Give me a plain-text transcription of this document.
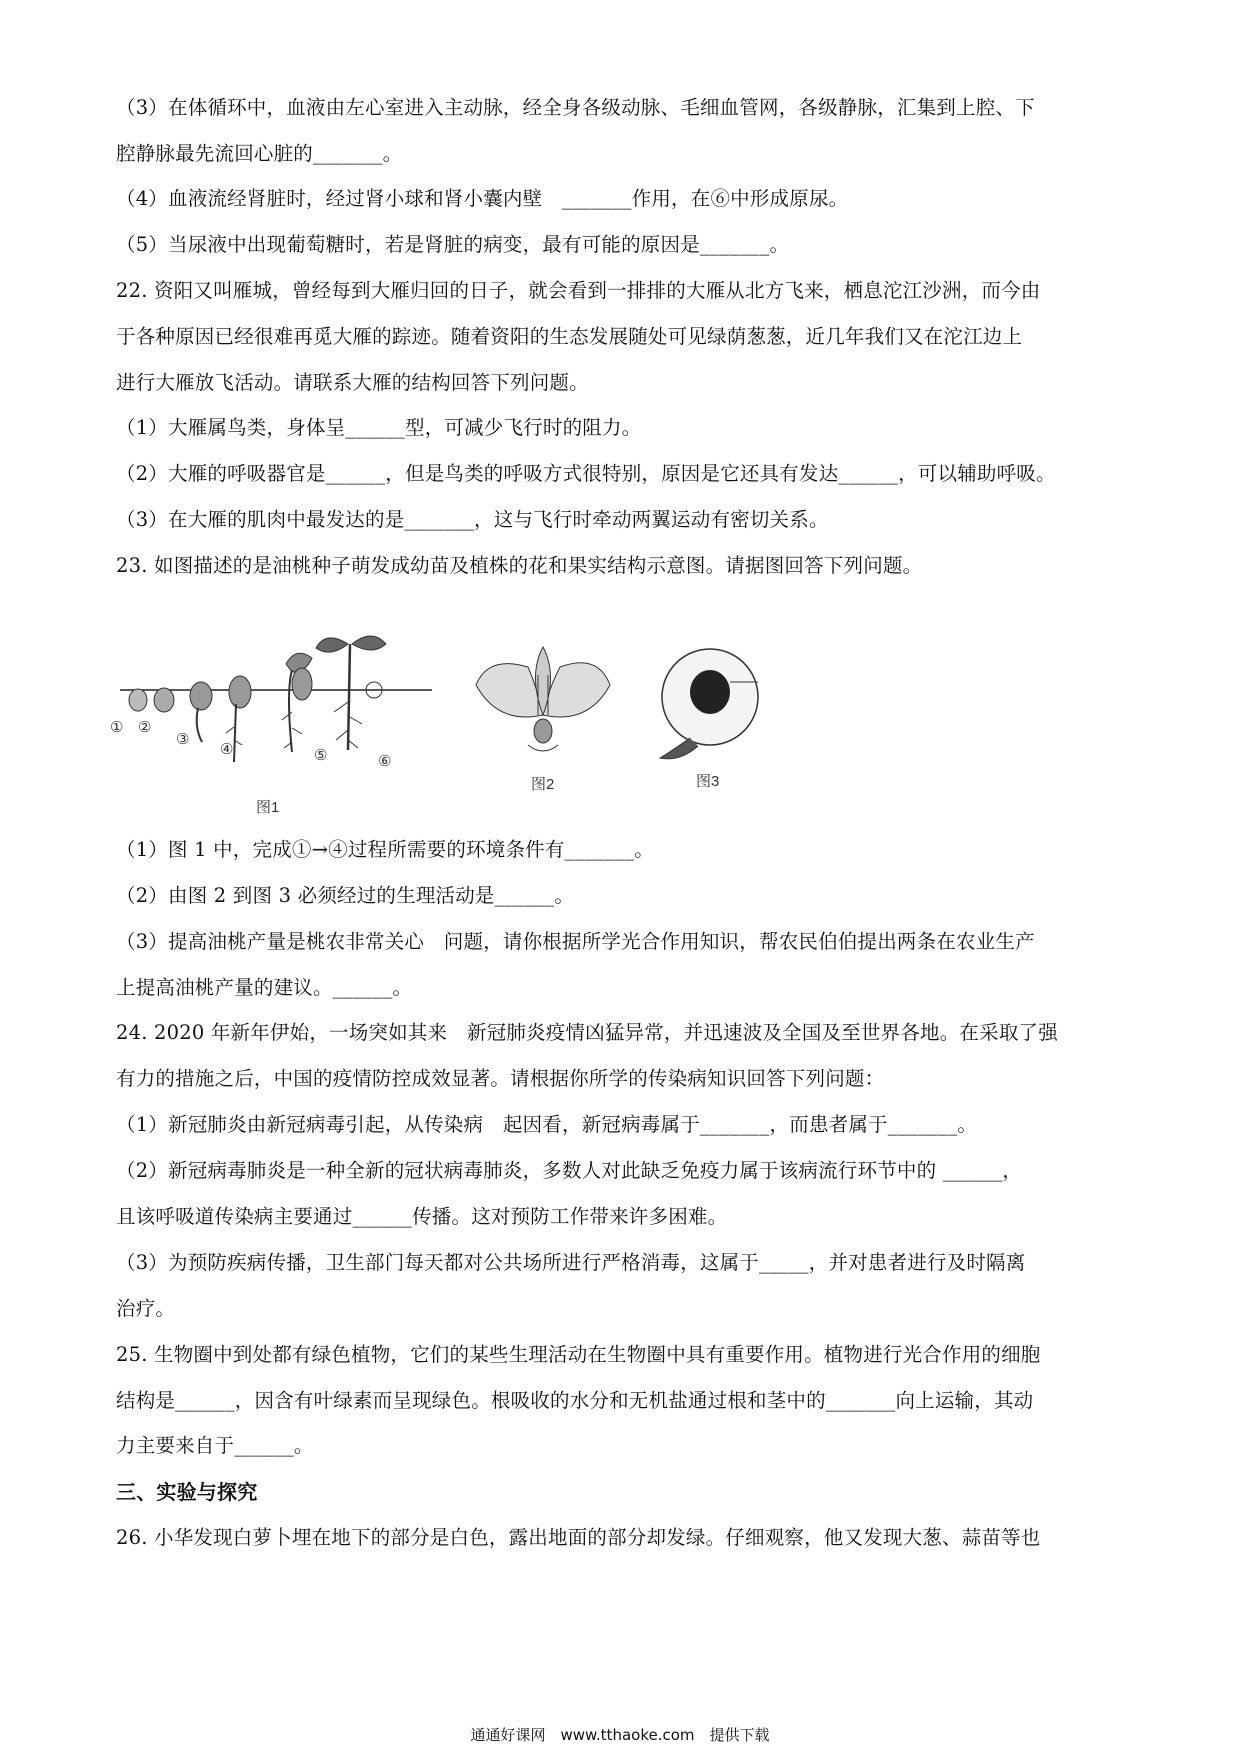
（3）在体循环中，血液由左心室进入主动脉，经全身各级动脉、毛细血管网，各级静脉，汇集到上腔、下
腔静脉最先流回心脏的_______。
（4）血液流经肾脏时，经过肾小球和肾小囊内壁　_______作用，在⑥中形成原尿。
（5）当尿液中出现葡萄糖时，若是肾脏的病变，最有可能的原因是_______。
22. 资阳又叫雁城，曾经每到大雁归回的日子，就会看到一排排的大雁从北方飞来，栖息沱江沙洲，而今由
于各种原因已经很难再觅大雁的踪迹。随着资阳的生态发展随处可见绿荫葱葱，近几年我们又在沱江边上
进行大雁放飞活动。请联系大雁的结构回答下列问题。
（1）大雁属鸟类，身体呈______型，可减少飞行时的阻力。
（2）大雁的呼吸器官是______，但是鸟类的呼吸方式很特别，原因是它还具有发达______，可以辅助呼吸。
（3）在大雁的肌肉中最发达的是_______，这与飞行时牵动两翼运动有密切关系。
23. 如图描述的是油桃种子萌发成幼苗及植株的花和果实结构示意图。请据图回答下列问题。
① ②
③
④	⑤	⑥
图1
图2	图3
（1）图 1 中，完成①→④过程所需要的环境条件有_______。
（2）由图 2 到图 3 必须经过的生理活动是______。
（3）提高油桃产量是桃农非常关心　问题，请你根据所学光合作用知识，帮农民伯伯提出两条在农业生产
上提高油桃产量的建议。______。
24. 2020 年新年伊始，一场突如其来　新冠肺炎疫情凶猛异常，并迅速波及全国及至世界各地。在采取了强
有力的措施之后，中国的疫情防控成效显著。请根据你所学的传染病知识回答下列问题：
（1）新冠肺炎由新冠病毒引起，从传染病　起因看，新冠病毒属于_______，而患者属于_______。
（2）新冠病毒肺炎是一种全新的冠状病毒肺炎，多数人对此缺乏免疫力属于该病流行环节中的 ______，
且该呼吸道传染病主要通过______传播。这对预防工作带来许多困难。
（3）为预防疾病传播，卫生部门每天都对公共场所进行严格消毒，这属于_____，并对患者进行及时隔离
治疗。
25. 生物圈中到处都有绿色植物，它们的某些生理活动在生物圈中具有重要作用。植物进行光合作用的细胞
结构是______，因含有叶绿素而呈现绿色。根吸收的水分和无机盐通过根和茎中的_______向上运输，其动
力主要来自于______。
三、实验与探究
26. 小华发现白萝卜埋在地下的部分是白色，露出地面的部分却发绿。仔细观察，他又发现大葱、蒜苗等也
通通好课网　www.tthaoke.com　提供下载
